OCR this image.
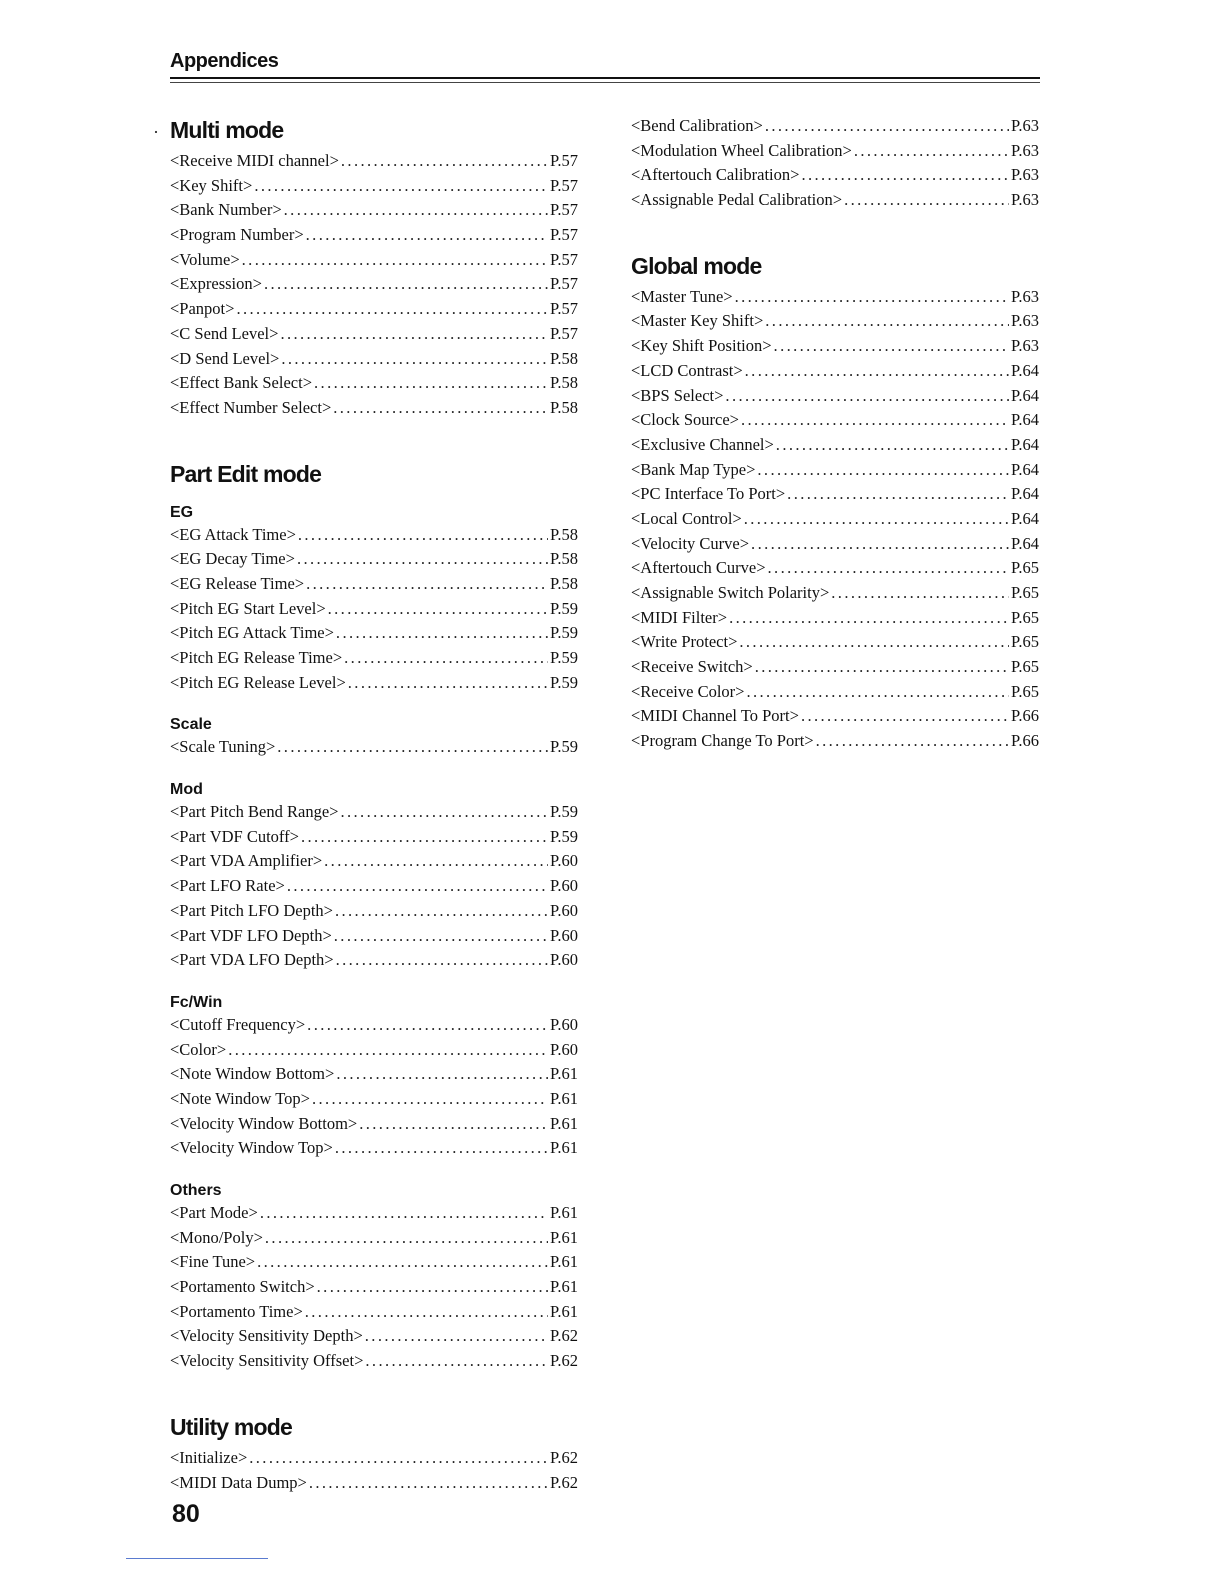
Appendices
· Multi mode
<Receive MIDI channel> .....	P.57
<Key Shift> .....	P.57
<Bank Number> .....	P.57
<Program Number> .....	P.57
<Volume> .....	P.57
<Expression> .....	P.57
<Panpot> .....	P.57
<C Send Level> .....	P.57
<D Send Level> .....	P.58
<Effect Bank Select> .....	P.58
<Effect Number Select> .....	P.58
Part Edit mode
EG
<EG Attack Time> .....	P.58
<EG Decay Time> .....	P.58
<EG Release Time> .....	P.58
<Pitch EG Start Level> .....	P.59
<Pitch EG Attack Time> .....	P.59
<Pitch EG Release Time> .....	P.59
<Pitch EG Release Level> .....	P.59
Scale
<Scale Tuning> .....	P.59
Mod
<Part Pitch Bend Range> .....	P.59
<Part VDF Cutoff> .....	P.59
<Part VDA Amplifier> .....	P.60
<Part LFO Rate> .....	P.60
<Part Pitch LFO Depth> .....	P.60
<Part VDF LFO Depth> .....	P.60
<Part VDA LFO Depth> .....	P.60
Fc/Win
<Cutoff Frequency> .....	P.60
<Color> .....	P.60
<Note Window Bottom> .....	P.61
<Note Window Top> .....	P.61
<Velocity Window Bottom> .....	P.61
<Velocity Window Top> .....	P.61
Others
<Part Mode> .....	P.61
<Mono/Poly> .....	P.61
<Fine Tune> .....	P.61
<Portamento Switch> .....	P.61
<Portamento Time> .....	P.61
<Velocity Sensitivity Depth> .....	P.62
<Velocity Sensitivity Offset> .....	P.62
Utility mode
<Initialize> .....	P.62
<MIDI Data Dump> .....	P.62
<Bend Calibration> .....	P.63
<Modulation Wheel Calibration> .....	P.63
<Aftertouch Calibration> .....	P.63
<Assignable Pedal Calibration> .....	P.63
Global mode
<Master Tune> .....	P.63
<Master Key Shift> .....	P.63
<Key Shift Position> .....	P.63
<LCD Contrast> .....	P.64
<BPS Select> .....	P.64
<Clock Source> .....	P.64
<Exclusive Channel> .....	P.64
<Bank Map Type> .....	P.64
<PC Interface To Port> .....	P.64
<Local Control> .....	P.64
<Velocity Curve> .....	P.64
<Aftertouch Curve> .....	P.65
<Assignable Switch Polarity> .....	P.65
<MIDI Filter> .....	P.65
<Write Protect> .....	P.65
<Receive Switch> .....	P.65
<Receive Color> .....	P.65
<MIDI Channel To Port> .....	P.66
<Program Change To Port> .....	P.66
80
